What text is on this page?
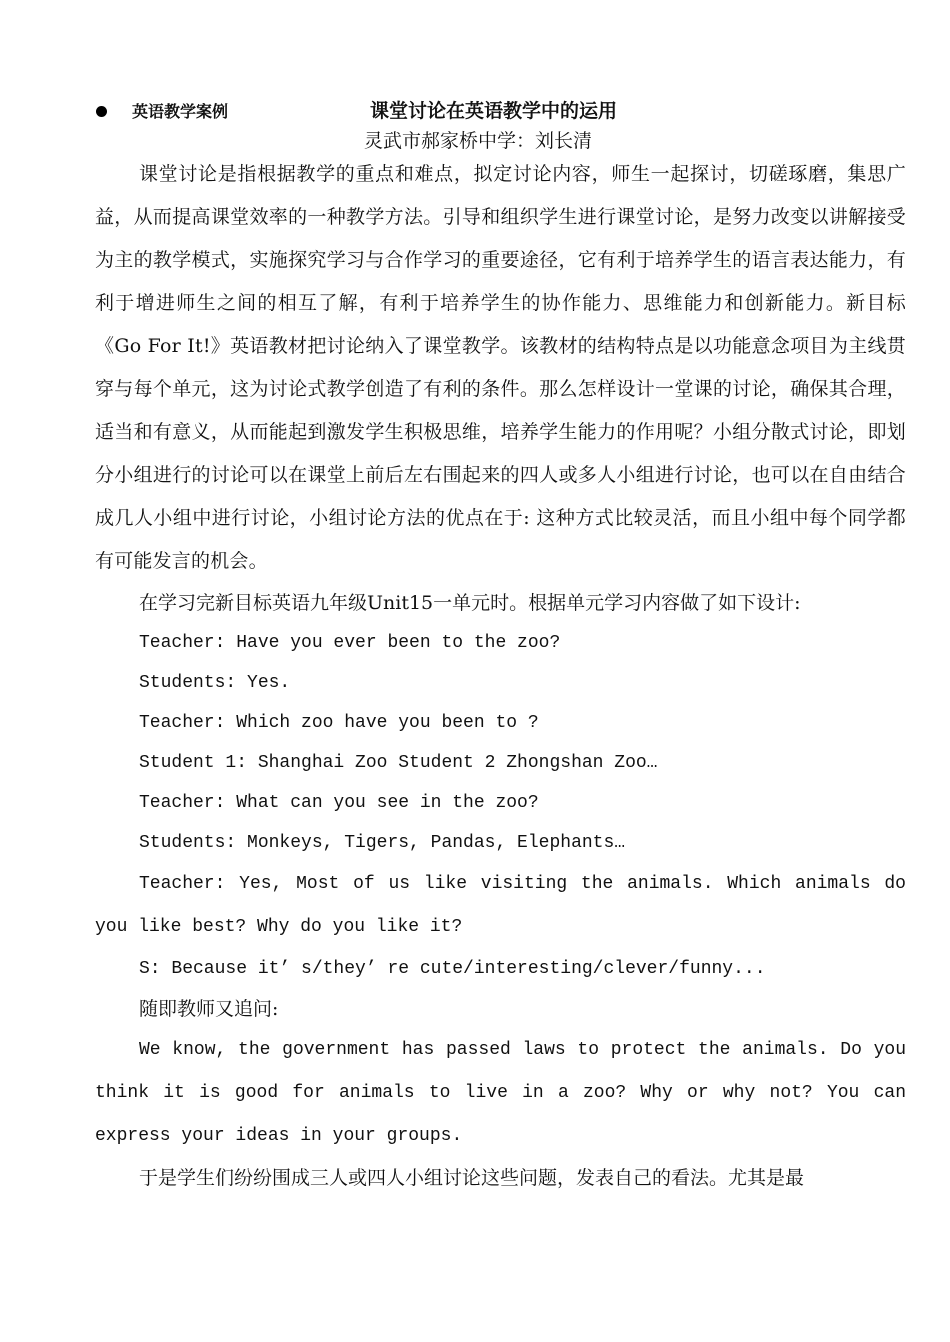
英语教学案例	课堂讨论在英语教学中的运用
灵武市郝家桥中学：刘长清

课堂讨论是指根据教学的重点和难点，拟定讨论内容，师生一起探讨，切磋琢磨，集思广益，从而提高课堂效率的一种教学方法。引导和组织学生进行课堂讨论，是努力改变以讲解接受为主的教学模式，实施探究学习与合作学习的重要途径，它有利于培养学生的语言表达能力，有利于增进师生之间的相互了解，有利于培养学生的协作能力、思维能力和创新能力。新目标《Go For It!》英语教材把讨论纳入了课堂教学。该教材的结构特点是以功能意念项目为主线贯穿与每个单元，这为讨论式教学创造了有利的条件。那么怎样设计一堂课的讨论，确保其合理，适当和有意义，从而能起到激发学生积极思维，培养学生能力的作用呢？小组分散式讨论，即划分小组进行的讨论可以在课堂上前后左右围起来的四人或多人小组进行讨论，也可以在自由结合成几人小组中进行讨论，小组讨论方法的优点在于: 这种方式比较灵活，而且小组中每个同学都有可能发言的机会。

在学习完新目标英语九年级Unit15一单元时。根据单元学习内容做了如下设计:

Teacher: Have you ever been to the zoo?

Students: Yes.

Teacher: Which zoo have you been to ?

Student 1: Shanghai Zoo Student 2 Zhongshan Zoo…

Teacher: What can you see in the zoo?

Students: Monkeys, Tigers, Pandas, Elephants…

Teacher: Yes, Most of us like visiting the animals. Which animals do you like best? Why do you like it?

S: Because it’ s/they’ re cute/interesting/clever/funny...

随即教师又追问:

We know, the government has passed laws to protect the animals. Do you think it is good for animals to live in a zoo? Why or why not? You can express your ideas in your groups.

于是学生们纷纷围成三人或四人小组讨论这些问题，发表自己的看法。尤其是最
